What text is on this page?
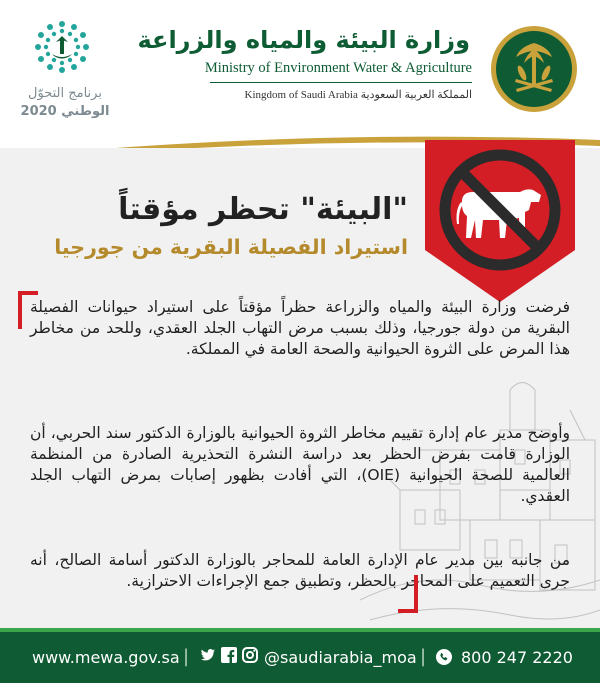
برنامج التحوّل
2020 الوطني
وزارة البيئة والمياه والزراعة
Ministry of Environment Water & Agriculture
Kingdom of Saudi Arabia المملكة العربية السعودية
"البيئة" تحظر مؤقتاً
استيراد الفصيلة البقرية من جورجيا
فرضت وزارة البيئة والمياه والزراعة حظراً مؤقتاً على استيراد حيوانات الفصيلة البقرية من دولة جورجيا، وذلك بسبب مرض التهاب الجلد العقدي، وللحد من مخاطر هذا المرض على الثروة الحيوانية والصحة العامة في المملكة.
وأوضح مدير عام إدارة تقييم مخاطر الثروة الحيوانية بالوزارة الدكتور سند الحربي، أن الوزارة قامت بفرض الحظر بعد دراسة النشرة التحذيرية الصادرة من المنظمة العالمية للصحة الحيوانية (OIE)، التي أفادت بظهور إصابات بمرض التهاب الجلد العقدي.
من جانبه بين مدير عام الإدارة العامة للمحاجر بالوزارة الدكتور أسامة الصالح، أنه جرى التعميم على المحاجر بالحظر، وتطبيق جمع الإجراءات الاحترازية.
www.mewa.gov.sa |	@saudiarabia_moa | 800 247 2220
